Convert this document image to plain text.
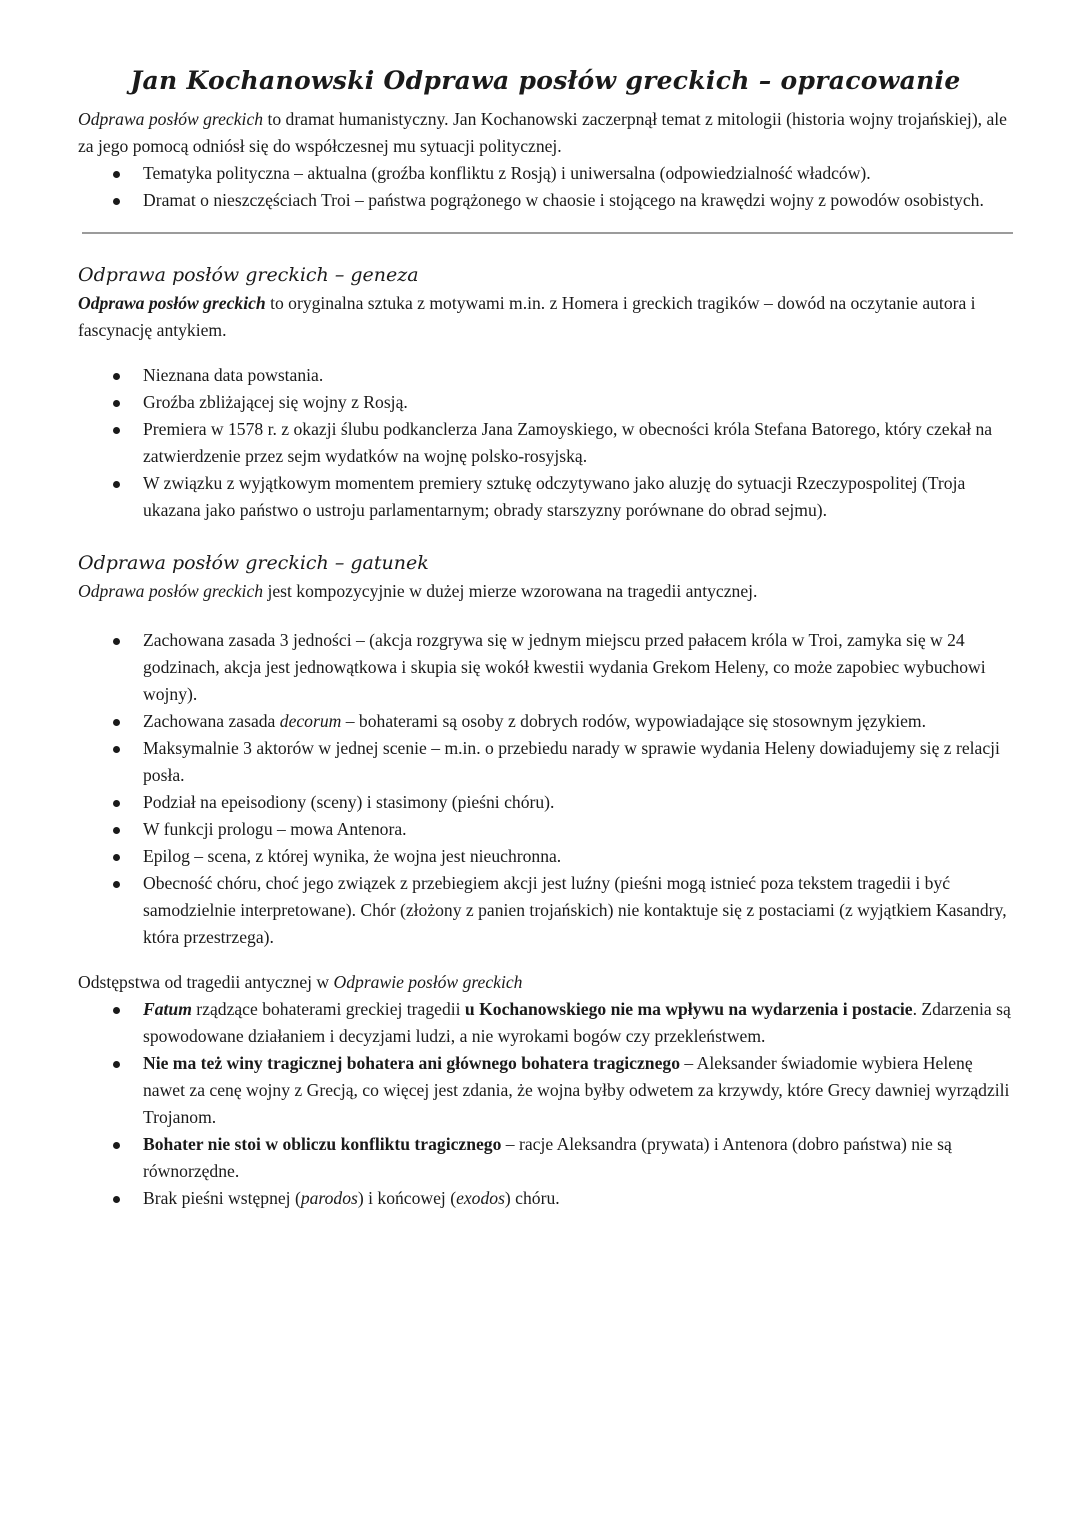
Jan Kochanowski Odprawa posłów greckich – opracowanie

Odprawa posłów greckich to dramat humanistyczny. Jan Kochanowski zaczerpnął temat z mitologii (historia wojny trojańskiej), ale za jego pomocą odniósł się do współczesnej mu sytuacji politycznej.

Tematyka polityczna – aktualna (groźba konfliktu z Rosją) i uniwersalna (odpowiedzialność władców).
Dramat o nieszczęściach Troi – państwa pogrążonego w chaosie i stojącego na krawędzi wojny z powodów osobistych.
Odprawa posłów greckich – geneza

Odprawa posłów greckich to oryginalna sztuka z motywami m.in. z Homera i greckich tragików – dowód na oczytanie autora i fascynację antykiem.

Nieznana data powstania.
Groźba zbliżającej się wojny z Rosją.
Premiera w 1578 r. z okazji ślubu podkanclerza Jana Zamoyskiego, w obecności króla Stefana Batorego, który czekał na zatwierdzenie przez sejm wydatków na wojnę polsko-rosyjską.
W związku z wyjątkowym momentem premiery sztukę odczytywano jako aluzję do sytuacji Rzeczypospolitej (Troja ukazana jako państwo o ustroju parlamentarnym; obrady starszyzny porównane do obrad sejmu).
Odprawa posłów greckich – gatunek

Odprawa posłów greckich jest kompozycyjnie w dużej mierze wzorowana na tragedii antycznej.

Zachowana zasada 3 jedności – (akcja rozgrywa się w jednym miejscu przed pałacem króla w Troi, zamyka się w 24 godzinach, akcja jest jednowątkowa i skupia się wokół kwestii wydania Grekom Heleny, co może zapobiec wybuchowi wojny).
Zachowana zasada decorum – bohaterami są osoby z dobrych rodów, wypowiadające się stosownym językiem.
Maksymalnie 3 aktorów w jednej scenie – m.in. o przebiedu narady w sprawie wydania Heleny dowiadujemy się z relacji posła.
Podział na epeisodiony (sceny) i stasimony (pieśni chóru).
W funkcji prologu – mowa Antenora.
Epilog – scena, z której wynika, że wojna jest nieuchronna.
Obecność chóru, choć jego związek z przebiegiem akcji jest luźny (pieśni mogą istnieć poza tekstem tragedii i być samodzielnie interpretowane). Chór (złożony z panien trojańskich) nie kontaktuje się z postaciami (z wyjątkiem Kasandry, która przestrzega).

Odstępstwa od tragedii antycznej w Odprawie posłów greckich

Fatum rządzące bohaterami greckiej tragedii u Kochanowskiego nie ma wpływu na wydarzenia i postacie. Zdarzenia są spowodowane działaniem i decyzjami ludzi, a nie wyrokami bogów czy przekleństwem.
Nie ma też winy tragicznej bohatera ani głównego bohatera tragicznego – Aleksander świadomie wybiera Helenę nawet za cenę wojny z Grecją, co więcej jest zdania, że wojna byłby odwetem za krzywdy, które Grecy dawniej wyrządzili Trojanom.
Bohater nie stoi w obliczu konfliktu tragicznego – racje Aleksandra (prywata) i Antenora (dobro państwa) nie są równorzędne.
Brak pieśni wstępnej (parodos) i końcowej (exodos) chóru.
